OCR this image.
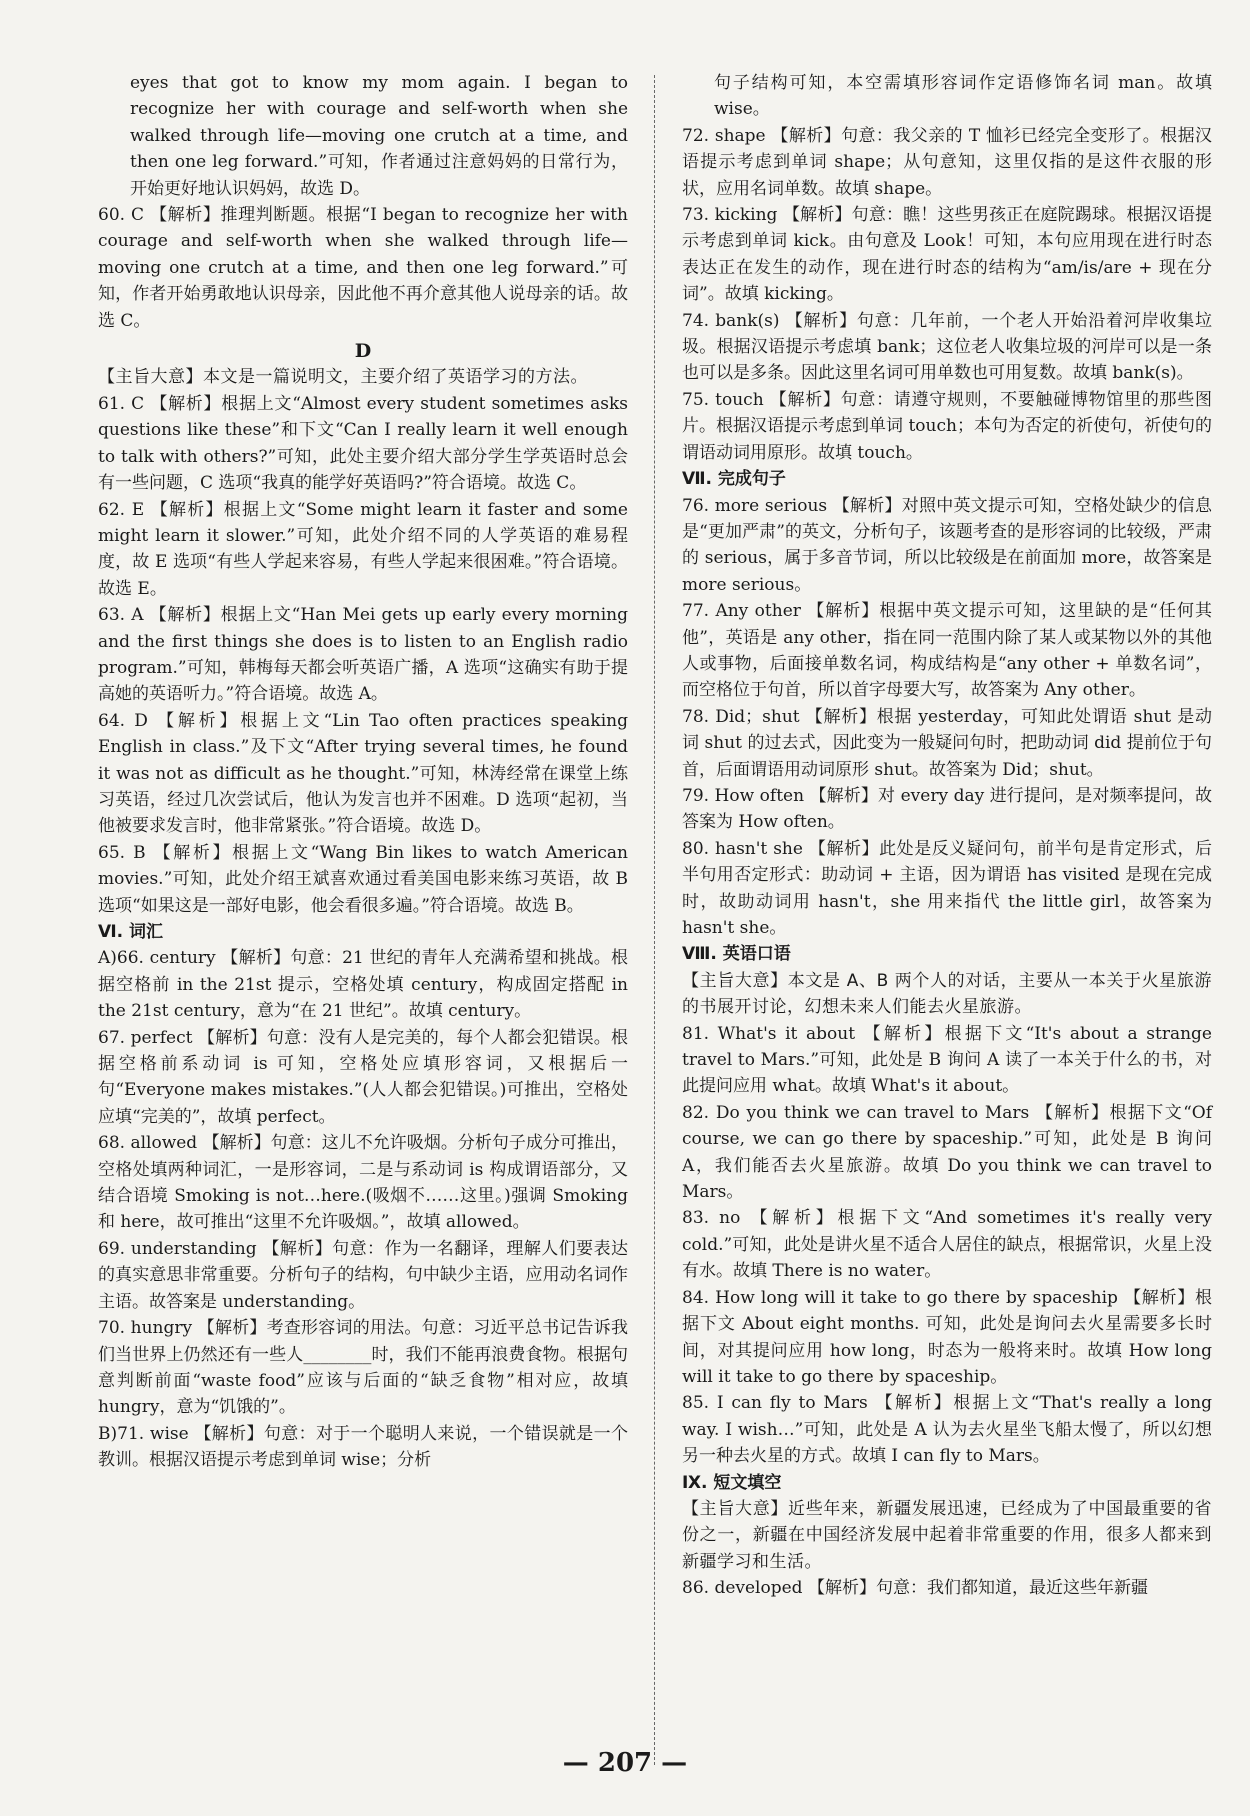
eyes that got to know my mom again. I began to recognize her with courage and self-worth when she walked through life—moving one crutch at a time, and then one leg forward.”可知，作者通过注意妈妈的日常行为，开始更好地认识妈妈，故选 D。

60. C 【解析】推理判断题。根据“I began to recognize her with courage and self-worth when she walked through life—moving one crutch at a time, and then one leg forward.”可知，作者开始勇敢地认识母亲，因此他不再介意其他人说母亲的话。故选 C。

D

【主旨大意】本文是一篇说明文，主要介绍了英语学习的方法。

61. C 【解析】根据上文“Almost every student sometimes asks questions like these”和下文“Can I really learn it well enough to talk with others?”可知，此处主要介绍大部分学生学英语时总会有一些问题，C 选项“我真的能学好英语吗?”符合语境。故选 C。

62. E 【解析】根据上文“Some might learn it faster and some might learn it slower.”可知，此处介绍不同的人学英语的难易程度，故 E 选项“有些人学起来容易，有些人学起来很困难。”符合语境。故选 E。

63. A 【解析】根据上文“Han Mei gets up early every morning and the first things she does is to listen to an English radio program.”可知，韩梅每天都会听英语广播，A 选项“这确实有助于提高她的英语听力。”符合语境。故选 A。

64. D 【解析】根据上文“Lin Tao often practices speaking English in class.”及下文“After trying several times, he found it was not as difficult as he thought.”可知，林涛经常在课堂上练习英语，经过几次尝试后，他认为发言也并不困难。D 选项“起初，当他被要求发言时，他非常紧张。”符合语境。故选 D。

65. B 【解析】根据上文“Wang Bin likes to watch American movies.”可知，此处介绍王斌喜欢通过看美国电影来练习英语，故 B 选项“如果这是一部好电影，他会看很多遍。”符合语境。故选 B。

Ⅵ. 词汇

A)66. century 【解析】句意：21 世纪的青年人充满希望和挑战。根据空格前 in the 21st 提示，空格处填 century，构成固定搭配 in the 21st century，意为“在 21 世纪”。故填 century。

67. perfect 【解析】句意：没有人是完美的，每个人都会犯错误。根据空格前系动词 is 可知，空格处应填形容词，又根据后一句“Everyone makes mistakes.”(人人都会犯错误。)可推出，空格处应填“完美的”，故填 perfect。

68. allowed 【解析】句意：这儿不允许吸烟。分析句子成分可推出，空格处填两种词汇，一是形容词，二是与系动词 is 构成谓语部分，又结合语境 Smoking is not…here.(吸烟不……这里。)强调 Smoking 和 here，故可推出“这里不允许吸烟。”，故填 allowed。

69. understanding 【解析】句意：作为一名翻译，理解人们要表达的真实意思非常重要。分析句子的结构，句中缺少主语，应用动名词作主语。故答案是 understanding。

70. hungry 【解析】考查形容词的用法。句意：习近平总书记告诉我们当世界上仍然还有一些人________时，我们不能再浪费食物。根据句意判断前面“waste food”应该与后面的“缺乏食物”相对应，故填 hungry，意为“饥饿的”。

B)71. wise 【解析】句意：对于一个聪明人来说，一个错误就是一个教训。根据汉语提示考虑到单词 wise；分析

句子结构可知，本空需填形容词作定语修饰名词 man。故填 wise。

72. shape 【解析】句意：我父亲的 T 恤衫已经完全变形了。根据汉语提示考虑到单词 shape；从句意知，这里仅指的是这件衣服的形状，应用名词单数。故填 shape。

73. kicking 【解析】句意：瞧！这些男孩正在庭院踢球。根据汉语提示考虑到单词 kick。由句意及 Look！可知，本句应用现在进行时态表达正在发生的动作，现在进行时态的结构为“am/is/are + 现在分词”。故填 kicking。

74. bank(s) 【解析】句意：几年前，一个老人开始沿着河岸收集垃圾。根据汉语提示考虑填 bank；这位老人收集垃圾的河岸可以是一条也可以是多条。因此这里名词可用单数也可用复数。故填 bank(s)。

75. touch 【解析】句意：请遵守规则，不要触碰博物馆里的那些图片。根据汉语提示考虑到单词 touch；本句为否定的祈使句，祈使句的谓语动词用原形。故填 touch。

Ⅶ. 完成句子

76. more serious 【解析】对照中英文提示可知，空格处缺少的信息是“更加严肃”的英文，分析句子，该题考查的是形容词的比较级，严肃的 serious，属于多音节词，所以比较级是在前面加 more，故答案是 more serious。

77. Any other 【解析】根据中英文提示可知，这里缺的是“任何其他”，英语是 any other，指在同一范围内除了某人或某物以外的其他人或事物，后面接单数名词，构成结构是“any other + 单数名词”，而空格位于句首，所以首字母要大写，故答案为 Any other。

78. Did；shut 【解析】根据 yesterday，可知此处谓语 shut 是动词 shut 的过去式，因此变为一般疑问句时，把助动词 did 提前位于句首，后面谓语用动词原形 shut。故答案为 Did；shut。

79. How often 【解析】对 every day 进行提问，是对频率提问，故答案为 How often。

80. hasn't she 【解析】此处是反义疑问句，前半句是肯定形式，后半句用否定形式：助动词 + 主语，因为谓语 has visited 是现在完成时，故助动词用 hasn't，she 用来指代 the little girl，故答案为 hasn't she。

Ⅷ. 英语口语

【主旨大意】本文是 A、B 两个人的对话，主要从一本关于火星旅游的书展开讨论，幻想未来人们能去火星旅游。

81. What's it about 【解析】根据下文“It's about a strange travel to Mars.”可知，此处是 B 询问 A 读了一本关于什么的书，对此提问应用 what。故填 What's it about。

82. Do you think we can travel to Mars 【解析】根据下文“Of course, we can go there by spaceship.”可知，此处是 B 询问 A，我们能否去火星旅游。故填 Do you think we can travel to Mars。

83. no 【解析】根据下文“And sometimes it's really very cold.”可知，此处是讲火星不适合人居住的缺点，根据常识，火星上没有水。故填 There is no water。

84. How long will it take to go there by spaceship 【解析】根据下文 About eight months. 可知，此处是询问去火星需要多长时间，对其提问应用 how long，时态为一般将来时。故填 How long will it take to go there by spaceship。

85. I can fly to Mars 【解析】根据上文“That's really a long way. I wish…”可知，此处是 A 认为去火星坐飞船太慢了，所以幻想另一种去火星的方式。故填 I can fly to Mars。

Ⅸ. 短文填空

【主旨大意】近些年来，新疆发展迅速，已经成为了中国最重要的省份之一，新疆在中国经济发展中起着非常重要的作用，很多人都来到新疆学习和生活。

86. developed 【解析】句意：我们都知道，最近这些年新疆

— 207 —
